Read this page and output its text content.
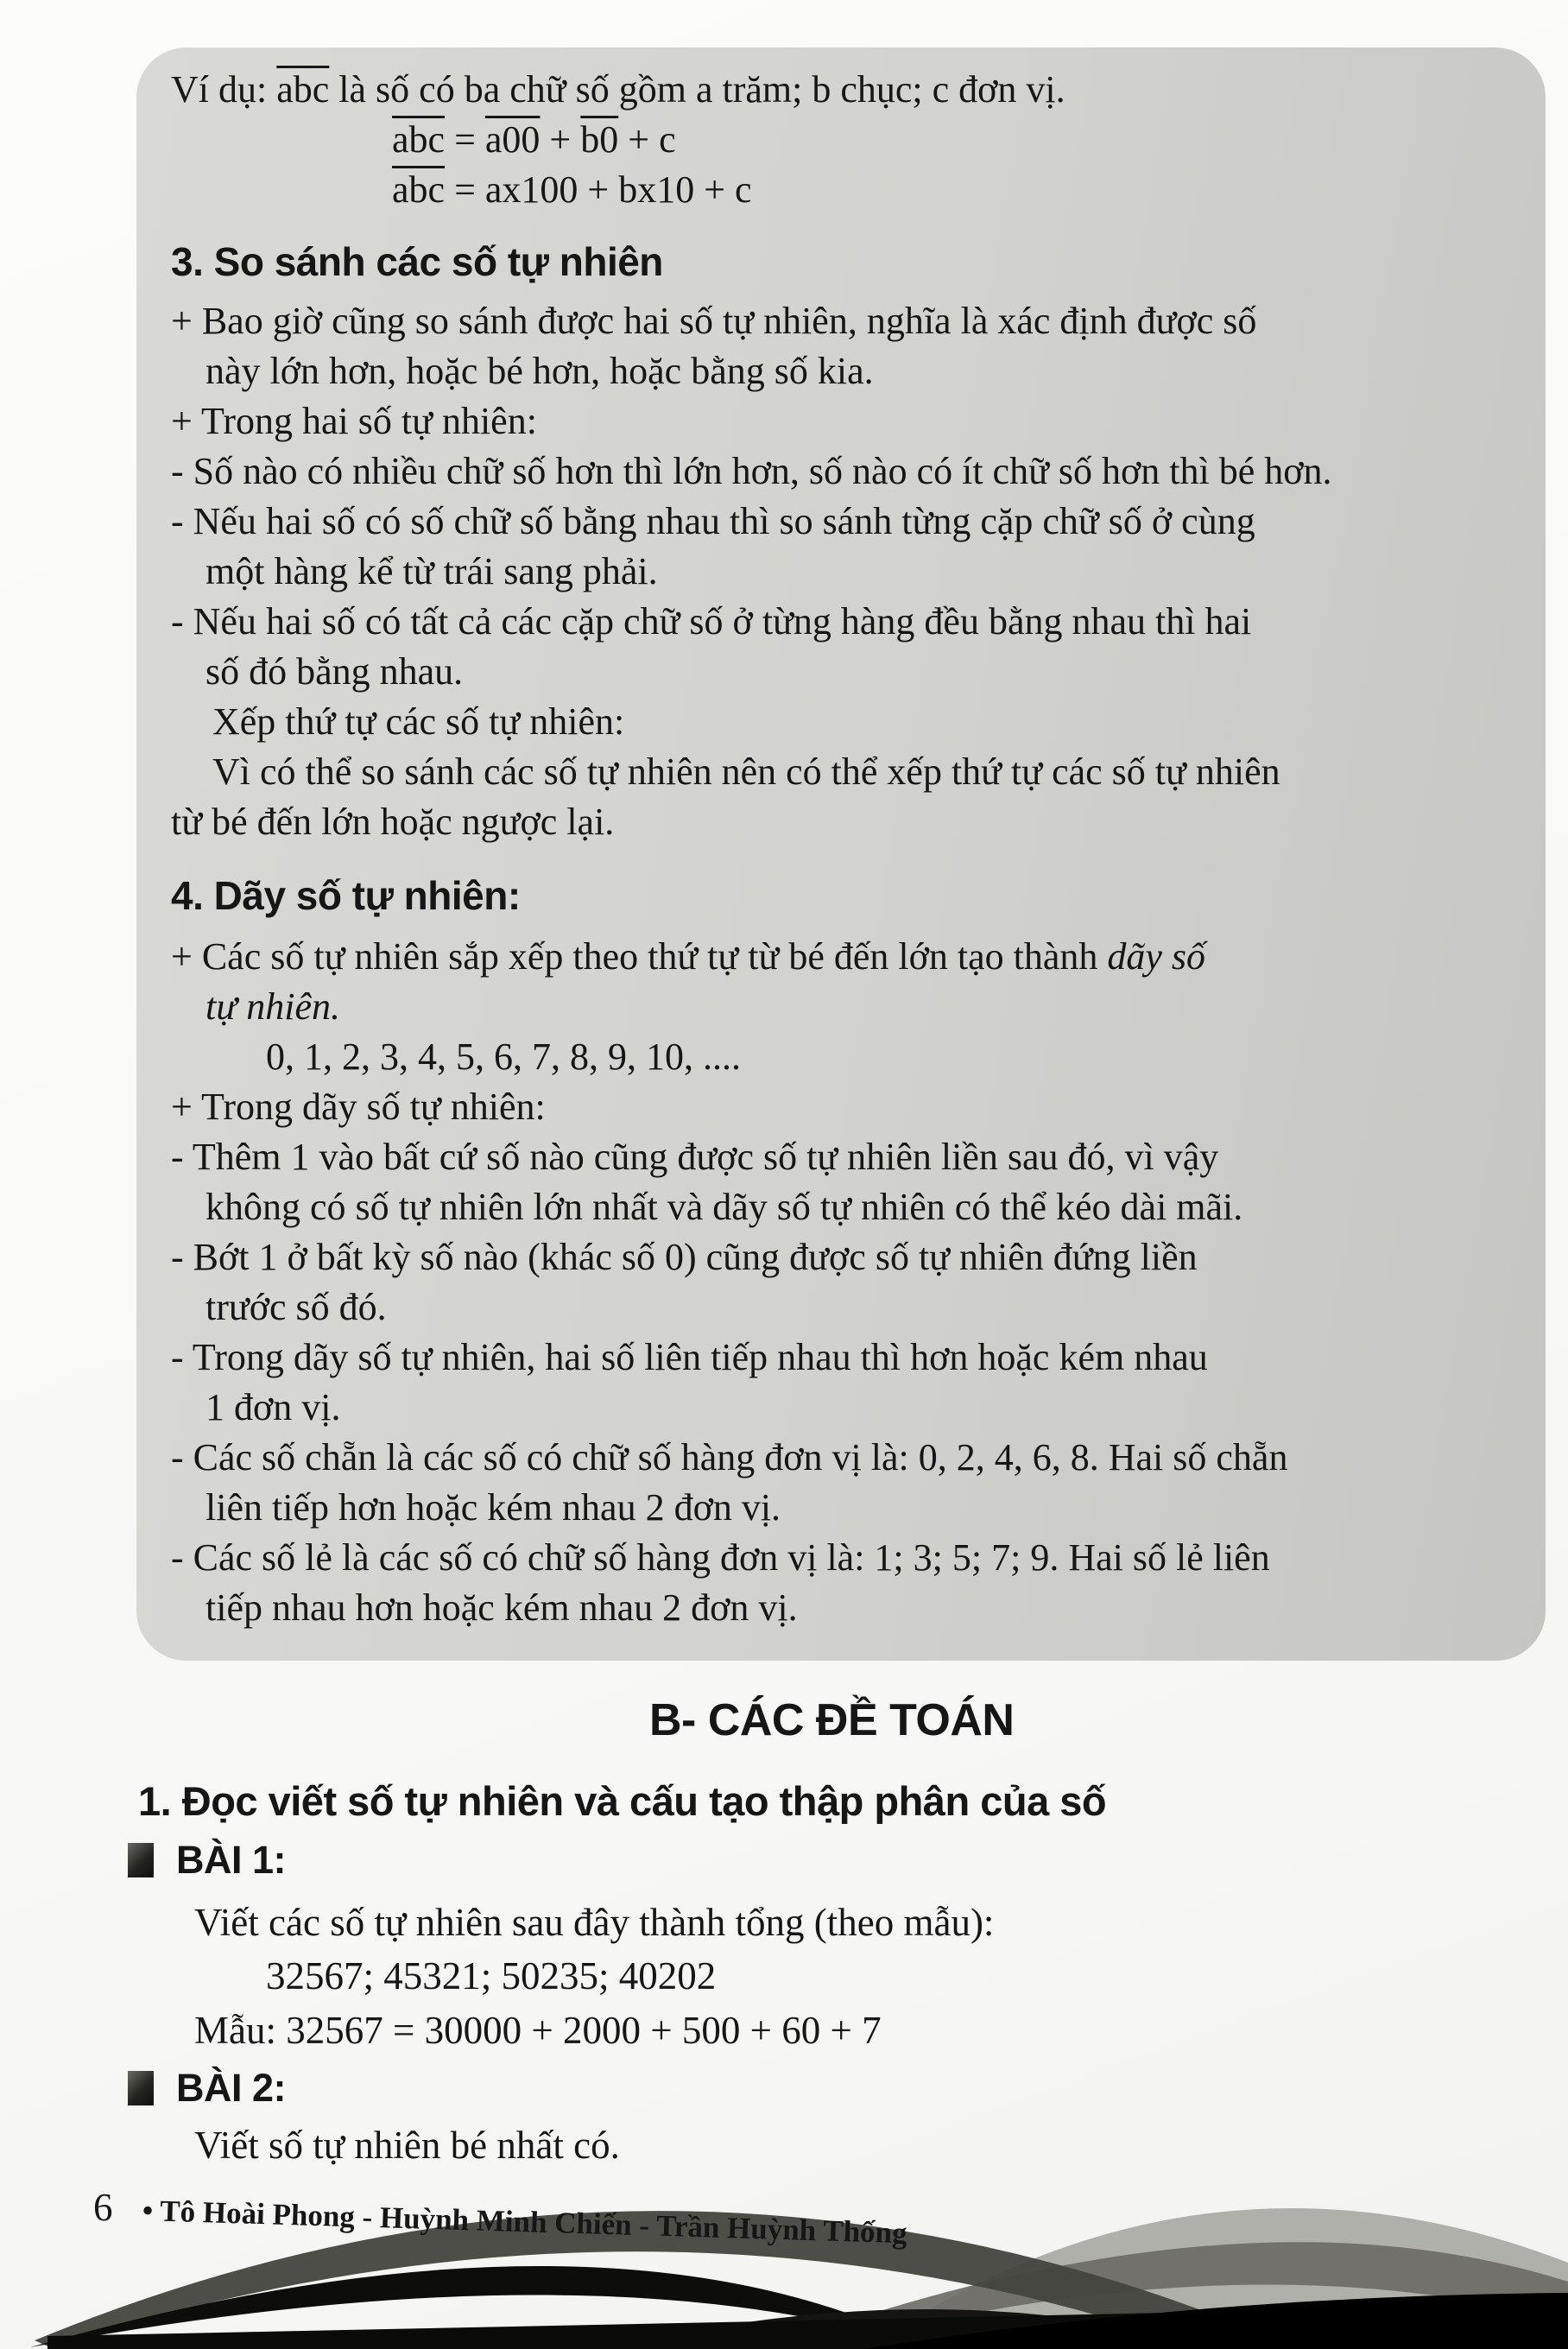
Ví dụ: $\overline{abc}$ là số có ba chữ số gồm a trăm; b chục; c đơn vị.
$\overline{abc} = a00 + b0 + c$
$\overline{abc} = ax100 + bx10 + c$
3. So sánh các số tự nhiên
+ Bao giờ cũng so sánh được hai số tự nhiên, nghĩa là xác định được số
này lớn hơn, hoặc bé hơn, hoặc bằng số kia.
+ Trong hai số tự nhiên:
- Số nào có nhiều chữ số hơn thì lớn hơn, số nào có ít chữ số hơn thì bé hơn.
- Nếu hai số có số chữ số bằng nhau thì so sánh từng cặp chữ số ở cùng
một hàng kể từ trái sang phải.
- Nếu hai số có tất cả các cặp chữ số ở từng hàng đều bằng nhau thì hai
số đó bằng nhau.
Xếp thứ tự các số tự nhiên:
Vì có thể so sánh các số tự nhiên nên có thể xếp thứ tự các số tự nhiên
từ bé đến lớn hoặc ngược lại.
4. Dãy số tự nhiên:
+ Các số tự nhiên sắp xếp theo thứ tự từ bé đến lớn tạo thành dãy số
tự nhiên.
0, 1, 2, 3, 4, 5, 6, 7, 8, 9, 10, ....
+ Trong dãy số tự nhiên:
- Thêm 1 vào bất cứ số nào cũng được số tự nhiên liền sau đó, vì vậy
không có số tự nhiên lớn nhất và dãy số tự nhiên có thể kéo dài mãi.
- Bớt 1 ở bất kỳ số nào (khác số 0) cũng được số tự nhiên đứng liền
trước số đó.
- Trong dãy số tự nhiên, hai số liên tiếp nhau thì hơn hoặc kém nhau
1 đơn vị.
- Các số chẵn là các số có chữ số hàng đơn vị là: 0, 2, 4, 6, 8. Hai số chẵn
liên tiếp hơn hoặc kém nhau 2 đơn vị.
- Các số lẻ là các số có chữ số hàng đơn vị là: 1; 3; 5; 7; 9. Hai số lẻ liên
tiếp nhau hơn hoặc kém nhau 2 đơn vị.
B- CÁC ĐỀ TOÁN
1. Đọc viết số tự nhiên và cấu tạo thập phân của số
BÀI 1:
Viết các số tự nhiên sau đây thành tổng (theo mẫu):
32567; 45321; 50235; 40202
Mẫu: 32567 = 30000 + 2000 + 500 + 60 + 7
BÀI 2:
Viết số tự nhiên bé nhất có.

6 • Tô Hoài Phong - Huỳnh Minh Chiến - Trần Huỳnh Thống
